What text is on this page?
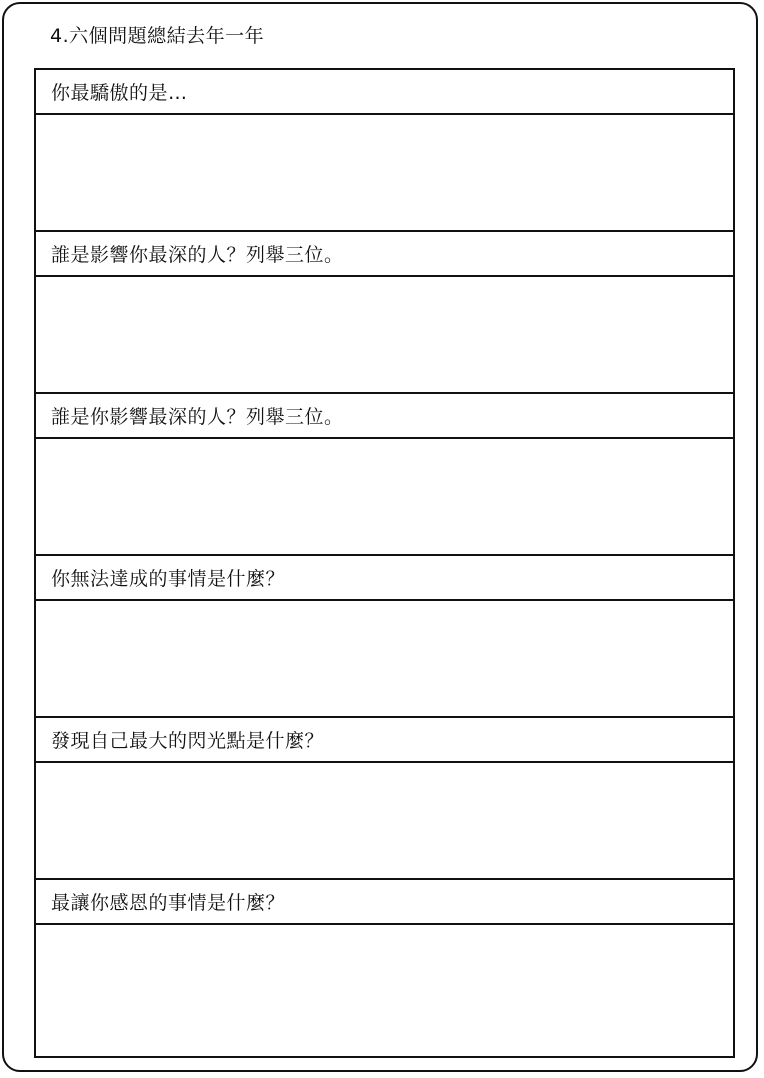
4.六個問題總結去年一年
你最驕傲的是…
誰是影響你最深的人？列舉三位。
誰是你影響最深的人？列舉三位。
你無法達成的事情是什麼？
發現自己最大的閃光點是什麼？
最讓你感恩的事情是什麼？
